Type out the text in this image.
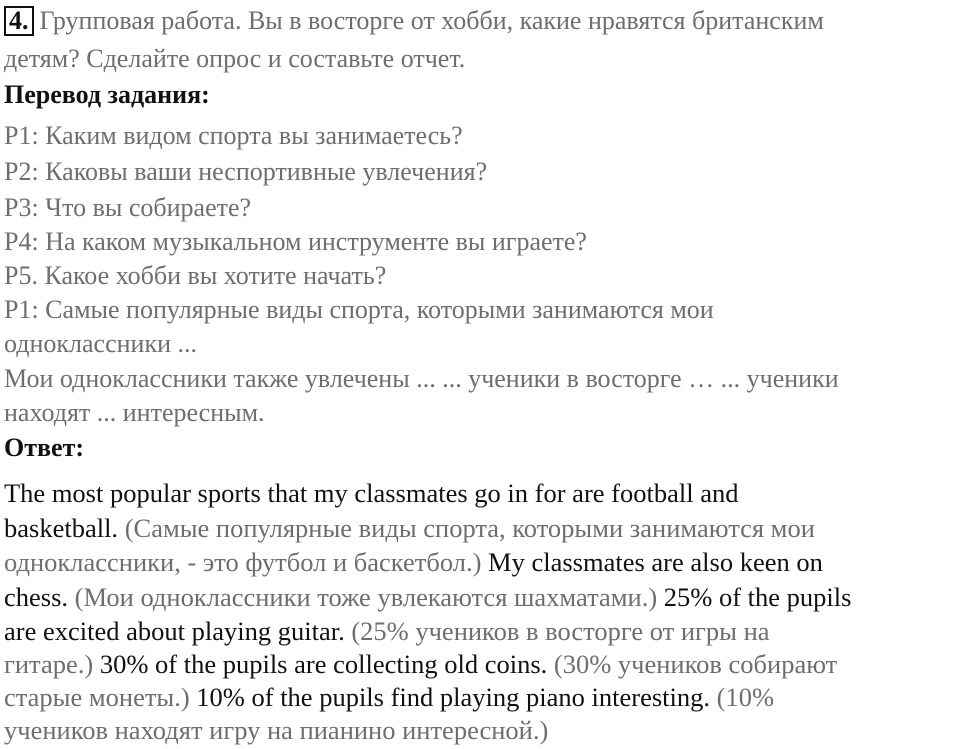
4. Групповая работа. Вы в восторге от хобби, какие нравятся британским
детям? Сделайте опрос и составьте отчет.
Перевод задания:
P1: Каким видом спорта вы занимаетесь?
P2: Каковы ваши неспортивные увлечения?
P3: Что вы собираете?
P4: На каком музыкальном инструменте вы играете?
P5. Какое хобби вы хотите начать?
P1: Самые популярные виды спорта, которыми занимаются мои
одноклассники ...
Мои одноклассники также увлечены ... ... ученики в восторге … ... ученики
находят ... интересным.
Ответ:
The most popular sports that my classmates go in for are football and
basketball. (Самые популярные виды спорта, которыми занимаются мои
одноклассники, - это футбол и баскетбол.) My classmates are also keen on
chess. (Мои одноклассники тоже увлекаются шахматами.) 25% of the pupils
are excited about playing guitar. (25% учеников в восторге от игры на
гитаре.) 30% of the pupils are collecting old coins. (30% учеников собирают
старые монеты.) 10% of the pupils find playing piano interesting. (10%
учеников находят игру на пианино интересной.)
